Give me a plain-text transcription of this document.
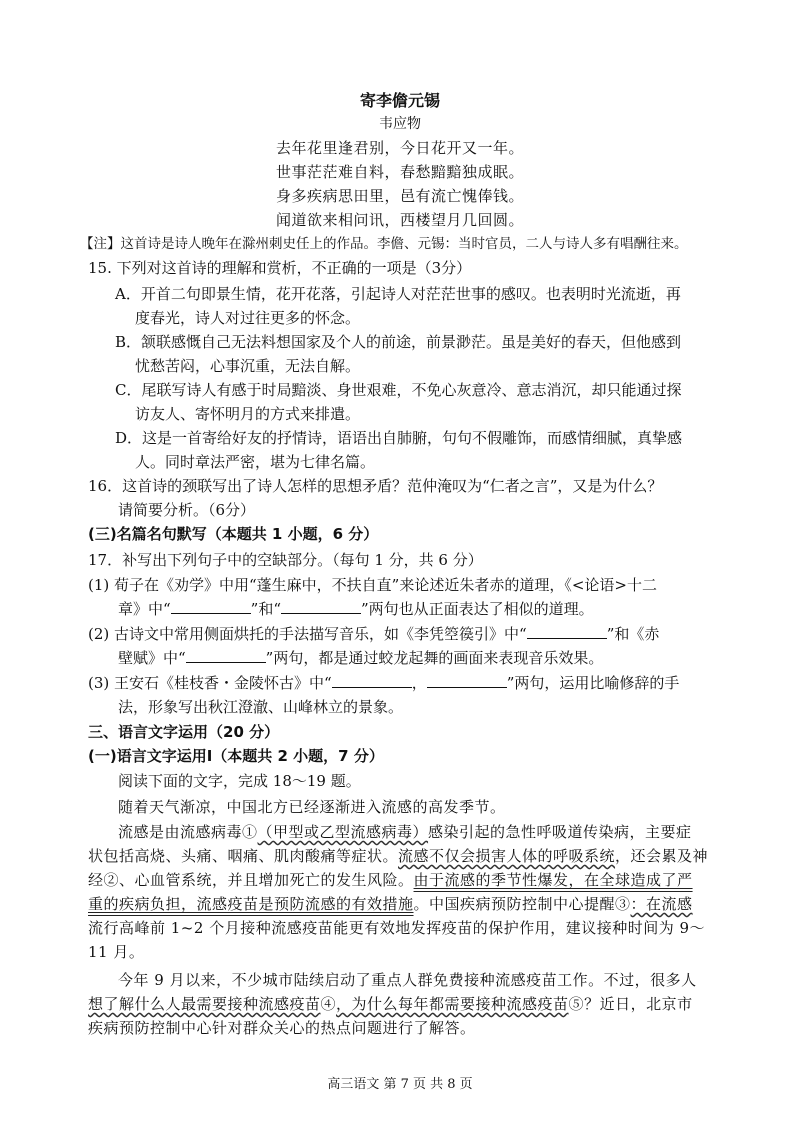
寄李儋元锡
韦应物
去年花里逢君别，今日花开又一年。
世事茫茫难自料，春愁黯黯独成眠。
身多疾病思田里，邑有流亡愧俸钱。
闻道欲来相问讯，西楼望月几回圆。
【注】这首诗是诗人晚年在滁州刺史任上的作品。李儋、元锡：当时官员，二人与诗人多有唱酬往来。
15. 下列对这首诗的理解和赏析，不正确的一项是（3分）
A．开首二句即景生情，花开花落，引起诗人对茫茫世事的感叹。也表明时光流逝，再
度春光，诗人对过往更多的怀念。
B．颔联感慨自己无法料想国家及个人的前途，前景渺茫。虽是美好的春天，但他感到
忧愁苦闷，心事沉重，无法自解。
C．尾联写诗人有感于时局黯淡、身世艰难，不免心灰意冷、意志消沉，却只能通过探
访友人、寄怀明月的方式来排遣。
D．这是一首寄给好友的抒情诗，语语出自肺腑，句句不假雕饰，而感情细腻，真挚感
人。同时章法严密，堪为七律名篇。
16．这首诗的颈联写出了诗人怎样的思想矛盾？范仲淹叹为“仁者之言”，又是为什么？
请简要分析。（6分）
(三)名篇名句默写（本题共 1 小题，6 分）
17．补写出下列句子中的空缺部分。（每句 1 分，共 6 分）
(1) 荀子在《劝学》中用“蓬生麻中，不扶自直”来论述近朱者赤的道理，《<论语>十二
章》中“	”和“	”两句也从正面表达了相似的道理。
(2) 古诗文中常用侧面烘托的手法描写音乐，如《李凭箜篌引》中“	”和《赤
壁赋》中“	”两句，都是通过蛟龙起舞的画面来表现音乐效果。
(3) 王安石《桂枝香・金陵怀古》中“	，	”两句，运用比喻修辞的手
法，形象写出秋江澄澈、山峰林立的景象。
三、语言文字运用（20 分）
(一)语言文字运用Ⅰ（本题共 2 小题，7 分）
阅读下面的文字，完成 18～19 题。
随着天气渐凉，中国北方已经逐渐进入流感的高发季节。
流感是由流感病毒①（甲型或乙型流感病毒）感染引起的急性呼吸道传染病，主要症
状包括高烧、头痛、咽痛、肌肉酸痛等症状。流感不仅会损害人体的呼吸系统，还会累及神
经②、心血管系统，并且增加死亡的发生风险。由于流感的季节性爆发，在全球造成了严
重的疾病负担，流感疫苗是预防流感的有效措施。中国疾病预防控制中心提醒③：在流感
流行高峰前 1~2 个月接种流感疫苗能更有效地发挥疫苗的保护作用，建议接种时间为 9～
11 月。
今年 9 月以来，不少城市陆续启动了重点人群免费接种流感疫苗工作。不过，很多人
想了解什么人最需要接种流感疫苗④，为什么每年都需要接种流感疫苗⑤？近日，北京市
疾病预防控制中心针对群众关心的热点问题进行了解答。
高三语文 第 7 页 共 8 页
